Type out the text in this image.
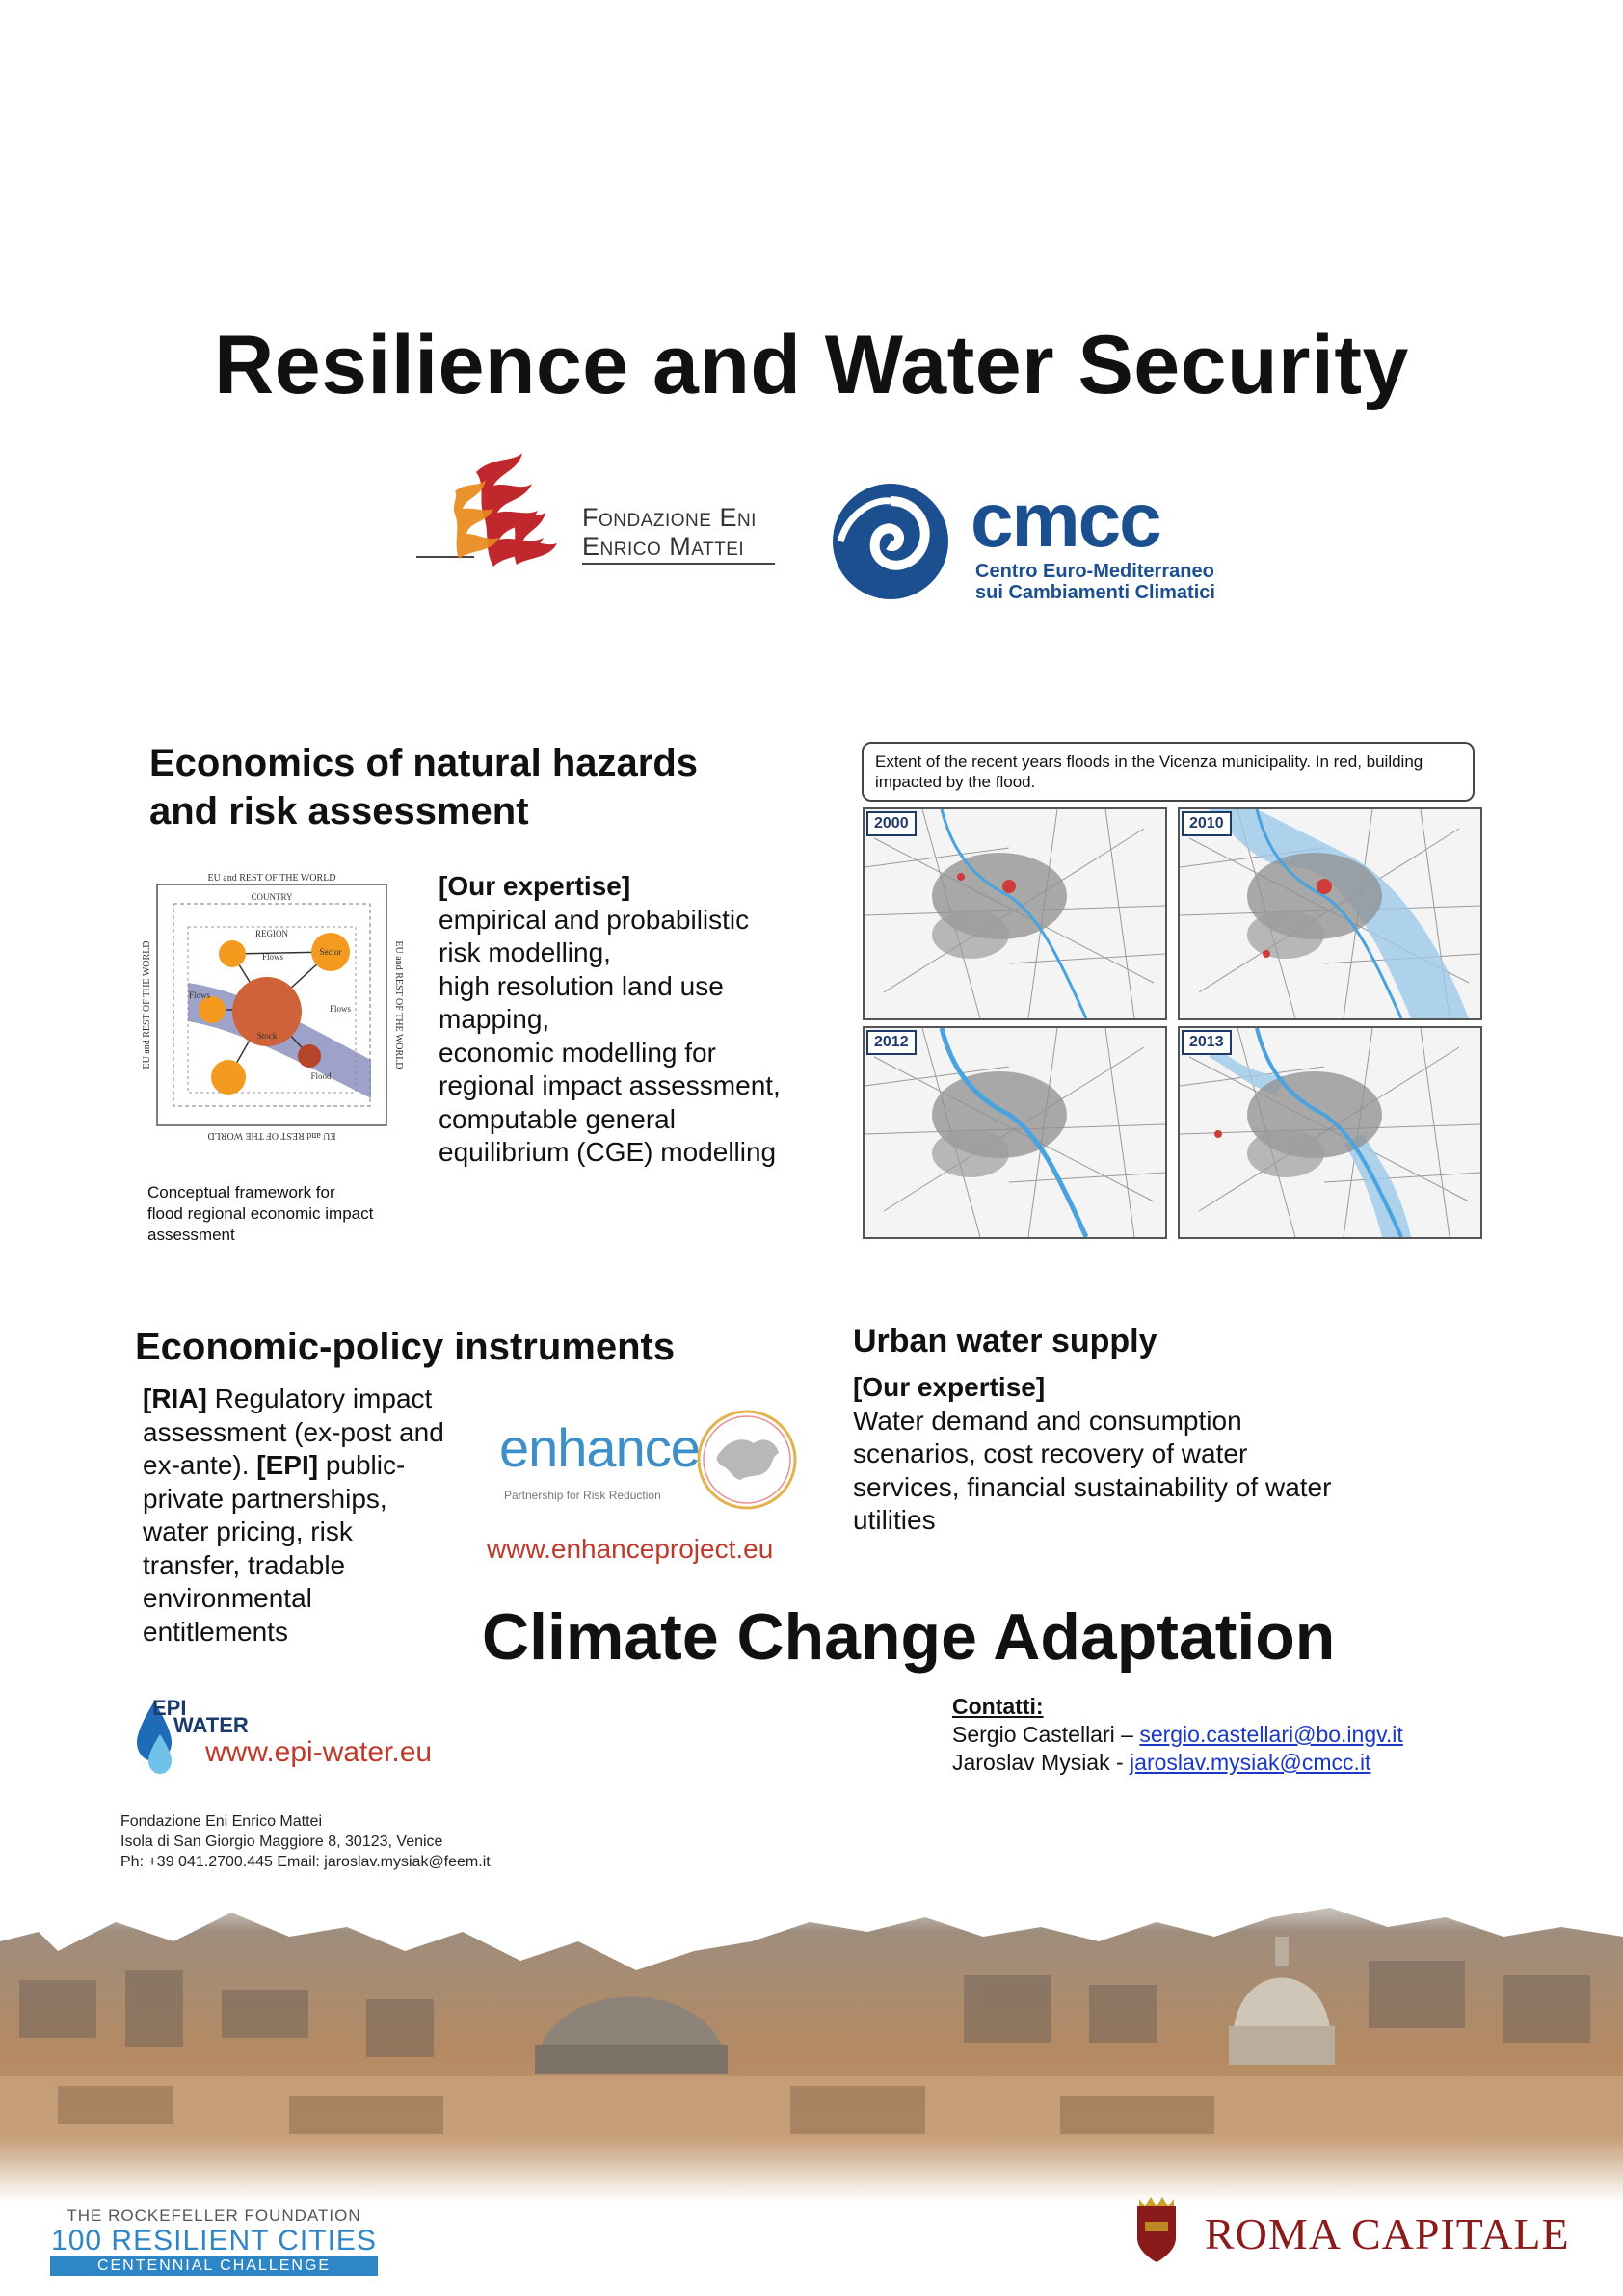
Resilience and Water Security
Fondazione Eni
Enrico Mattei	cmcc
Centro Euro-Mediterraneo
sui Cambiamenti Climatici
Economics of natural hazards
and risk assessment
EU and REST OF THE WORLD
EU and REST OF THE WORLD
EU and REST OF THE WORLD	EU and REST OF THE WORLD
COUNTRY
REGION
Flows	Sector
Stock
Flood
Flows
Flows
Conceptual framework for
flood regional economic impact
assessment
[Our expertise]
empirical and probabilistic
risk modelling,
high resolution land use
mapping,
economic modelling for
regional impact assessment,
computable general
equilibrium (CGE) modelling
Extent of the recent years floods in the Vicenza municipality. In red, building impacted by the flood.
2000	2010
2012	2013
Economic-policy instruments
[RIA] Regulatory impact
assessment (ex-post and
ex-ante). [EPI] public-
private partnerships,
water pricing, risk
transfer, tradable
environmental
entitlements
enhance
Partnership for Risk Reduction
www.enhanceproject.eu
Urban water supply
[Our expertise]
Water demand and consumption
scenarios, cost recovery of water
services, financial sustainability of water
utilities
Climate Change Adaptation
EPI
WATER
www.epi-water.eu
Contatti:
Sergio Castellari – sergio.castellari@bo.ingv.it
Jaroslav Mysiak - jaroslav.mysiak@cmcc.it
Fondazione Eni Enrico Mattei
Isola di San Giorgio Maggiore 8, 30123, Venice
Ph: +39 041.2700.445 Email: jaroslav.mysiak@feem.it
THE ROCKEFELLER FOUNDATION
100 RESILIENT CITIES
CENTENNIAL CHALLENGE
ROMA CAPITALE
